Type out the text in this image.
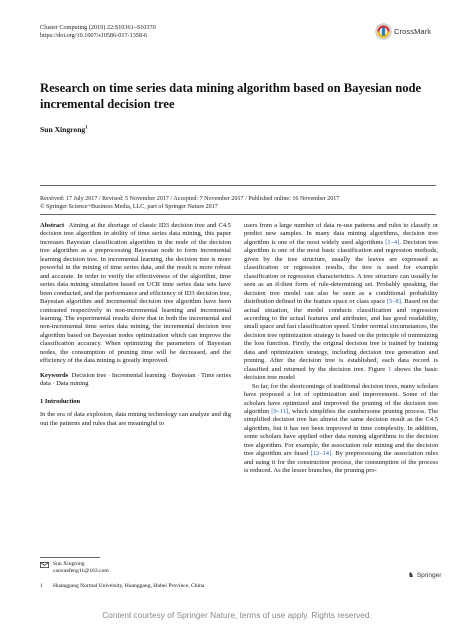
Cluster Computing (2019) 22:S10361–S10370
https://doi.org/10.1007/s10586-017-1358-6	CrossMark
Research on time series data mining algorithm based on Bayesian node incremental decision tree
Sun Xingrong$^1$
Received: 17 July 2017 / Revised: 5 November 2017 / Accepted: 7 November 2017 / Published online: 16 November 2017
© Springer Science+Business Media, LLC, part of Springer Nature 2017

Abstract Aiming at the shortage of classic ID3 decision tree and C4.5 decision tree algorithm in ability of time series data mining, this paper increases Bayesian classification algorithm in the node of the decision tree algorithm as a preprocessing Bayesian node to form incremental learning decision tree. In incremental learning, the decision tree is more powerful in the mining of time series data, and the result is more robust and accurate. In order to verify the effectiveness of the algorithm, time series data mining simulation based on UCR time series data sets have been conducted, and the performance and efficiency of ID3 decision tree, Bayesian algorithm and incremental decision tree algorithm have been contrasted respectively in non-incremental learning and incremental learning. The experimental results show that in both the incremental and non-incremental time series data mining, the incremental decision tree algorithm based on Bayesian nodes optimization which can improve the classification accuracy. When optimizing the parameters of Bayesian nodes, the consumption of pruning time will be decreased, and the efficiency of the data mining is greatly improved.

Keywords Decision tree · Incremental learning · Bayesian · Time series data · Data mining

1 Introduction

In the era of data explosion, data mining technology can analyze and dig out the patterns and rules that are meaningful to

users from a large number of data re-use patterns and rules to classify or predict new samples. In many data mining algorithms, decision tree algorithm is one of the most widely used algorithms [1–4]. Decision tree algorithm is one of the most basic classification and regression methods, given by the tree structure, usually the leaves are expressed as classification or regression results, the tree is used for example classification or regression characteristics. A tree structure can usually be seen as an if-then form of rule-determining set. Probably speaking, the decision tree model can also be seen as a conditional probability distribution defined in the feature space or class space [5–8]. Based on the actual situation, the model conducts classification and regression according to the actual features and attributes, and has good readability, small space and fast classification speed. Under normal circumstances, the decision tree optimization strategy is based on the principle of minimizing the loss function. Firstly, the original decision tree is trained by training data and optimization strategy, including decision tree generation and pruning. After the decision tree is established, each data record is classified and returned by the decision tree. Figure 1 shows the basic decision tree model

So far, for the shortcomings of traditional decision trees, many scholars have proposed a lot of optimization and improvement. Some of the scholars have optimized and improved the pruning of the decision tree algorithm [9–11], which simplifies the cumbersome pruning process. The simplified decision tree has almost the same decision result as the C4.5 algorithm, but it has not been improved in time complexity. In addition, some scholars have applied other data mining algorithms to the decision tree algorithm. For example, the association rule mining and the decision tree algorithm are fused [12–14]. By preprocessing the association rules and using it for the construction process, the consumption of the process is reduced. As the lesser branches, the pruning pro-

Sun Xingrong
caoxuefeng11@163.com
1 Huanggang Normal University, Huanggang, Hubei Province, China
♞ Springer
Content courtesy of Springer Nature, terms of use apply. Rights reserved.
